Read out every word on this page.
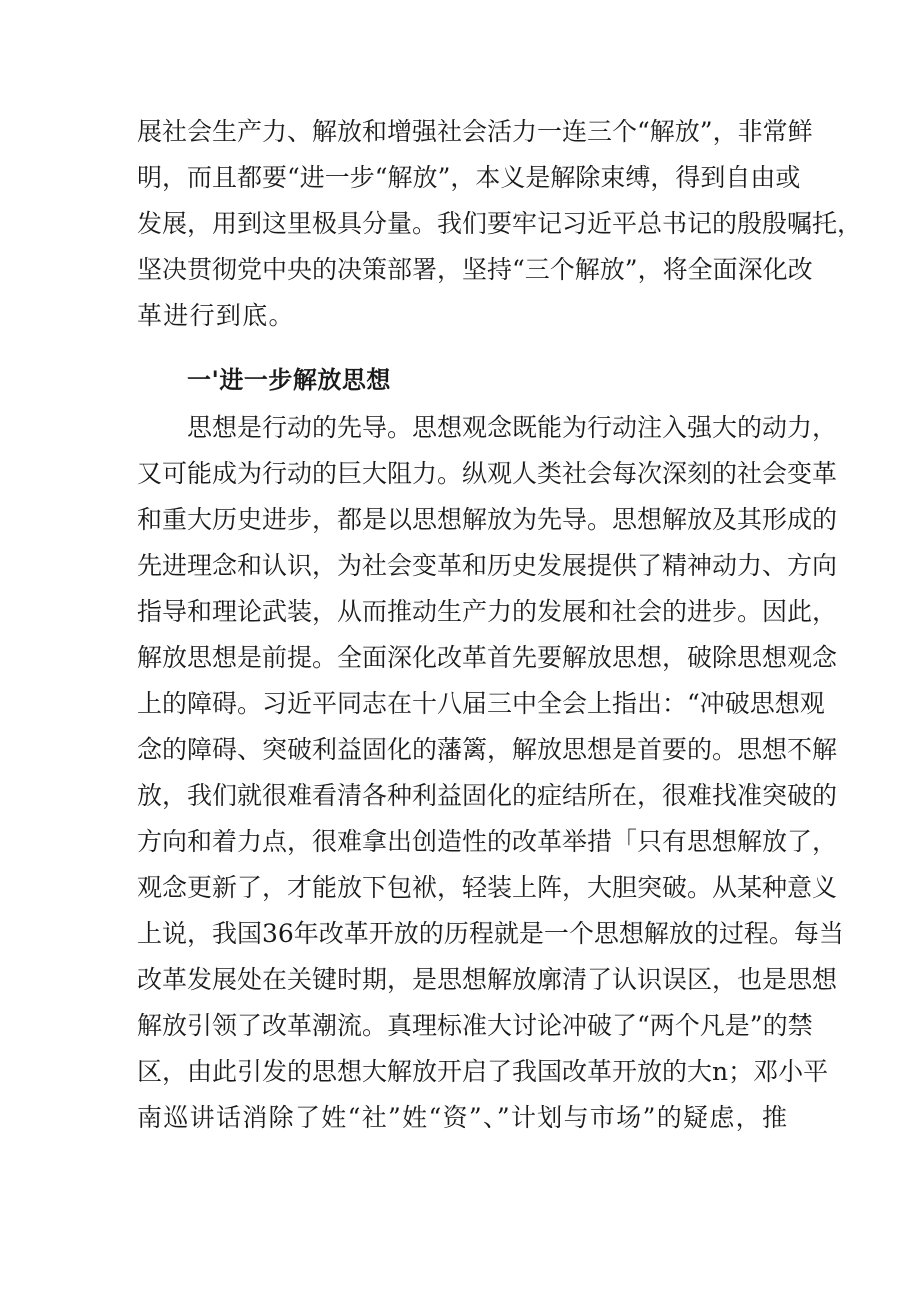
展社会生产力、解放和增强社会活力一连三个“解放”，非常鲜
明，而且都要“进一步“解放”，本义是解除束缚，得到自由或
发展，用到这里极具分量。我们要牢记习近平总书记的殷殷嘱托，
坚决贯彻党中央的决策部署，坚持“三个解放”，将全面深化改
革进行到底。
一'进一步解放思想
思想是行动的先导。思想观念既能为行动注入强大的动力，
又可能成为行动的巨大阻力。纵观人类社会每次深刻的社会变革
和重大历史进步，都是以思想解放为先导。思想解放及其形成的
先进理念和认识，为社会变革和历史发展提供了精神动力、方向
指导和理论武装，从而推动生产力的发展和社会的进步。因此，
解放思想是前提。全面深化改革首先要解放思想，破除思想观念
上的障碍。习近平同志在十八届三中全会上指出：“冲破思想观
念的障碍、突破利益固化的藩篱，解放思想是首要的。思想不解
放，我们就很难看清各种利益固化的症结所在，很难找准突破的
方向和着力点，很难拿出创造性的改革举措「只有思想解放了，
观念更新了，才能放下包袱，轻装上阵，大胆突破。从某种意义
上说，我国36年改革开放的历程就是一个思想解放的过程。每当
改革发展处在关键时期，是思想解放廓清了认识误区，也是思想
解放引领了改革潮流。真理标准大讨论冲破了“两个凡是”的禁
区，由此引发的思想大解放开启了我国改革开放的大n；邓小平
南巡讲话消除了姓“社”姓“资”、”计划与市场”的疑虑，推
